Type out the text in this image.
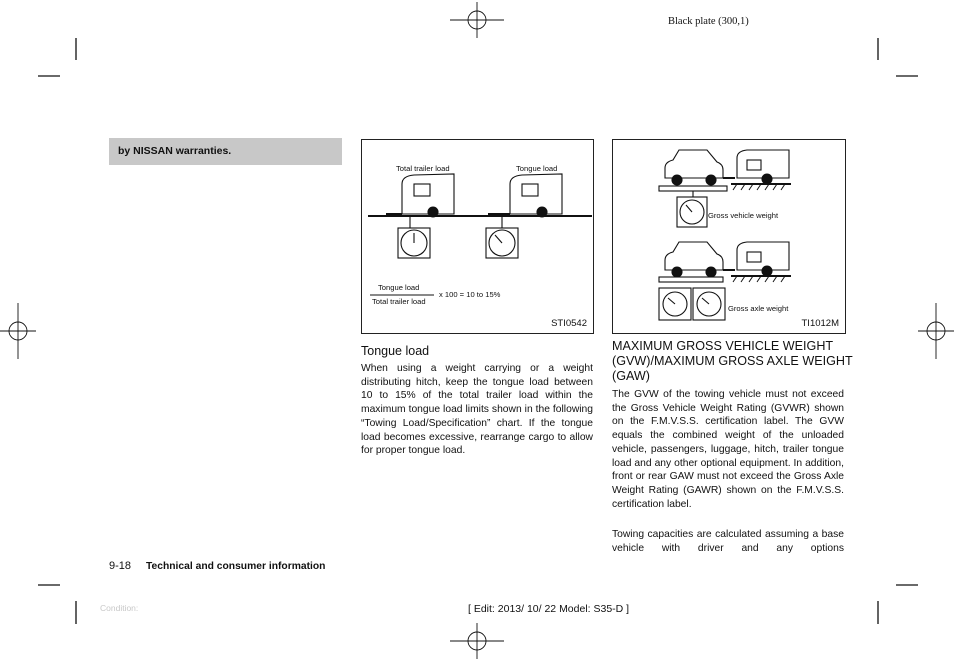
Black plate (300,1)
by NISSAN warranties.
Total trailer load	Tongue load
Tongue load
Total trailer load
x 100 = 10 to 15%
STI0542
Gross vehicle weight
Gross axle weight
TI1012M
Tongue load
When using a weight carrying or a weight distributing hitch, keep the tongue load between 10 to 15% of the total trailer load within the maximum tongue load limits shown in the following “Towing Load/Specification” chart. If the tongue load becomes excessive, rearrange cargo to allow for proper tongue load.
MAXIMUM GROSS VEHICLE WEIGHT (GVW)/MAXIMUM GROSS AXLE WEIGHT (GAW)
The GVW of the towing vehicle must not exceed the Gross Vehicle Weight Rating (GVWR) shown on the F.M.V.S.S. certification label. The GVW equals the combined weight of the unloaded vehicle, passengers, luggage, hitch, trailer tongue load and any other optional equipment. In addition, front or rear GAW must not exceed the Gross Axle Weight Rating (GAWR) shown on the F.M.V.S.S. certification label.
Towing capacities are calculated assuming a base vehicle with driver and any options
9-18 Technical and consumer information
Condition:	[ Edit: 2013/ 10/ 22 Model: S35-D ]
